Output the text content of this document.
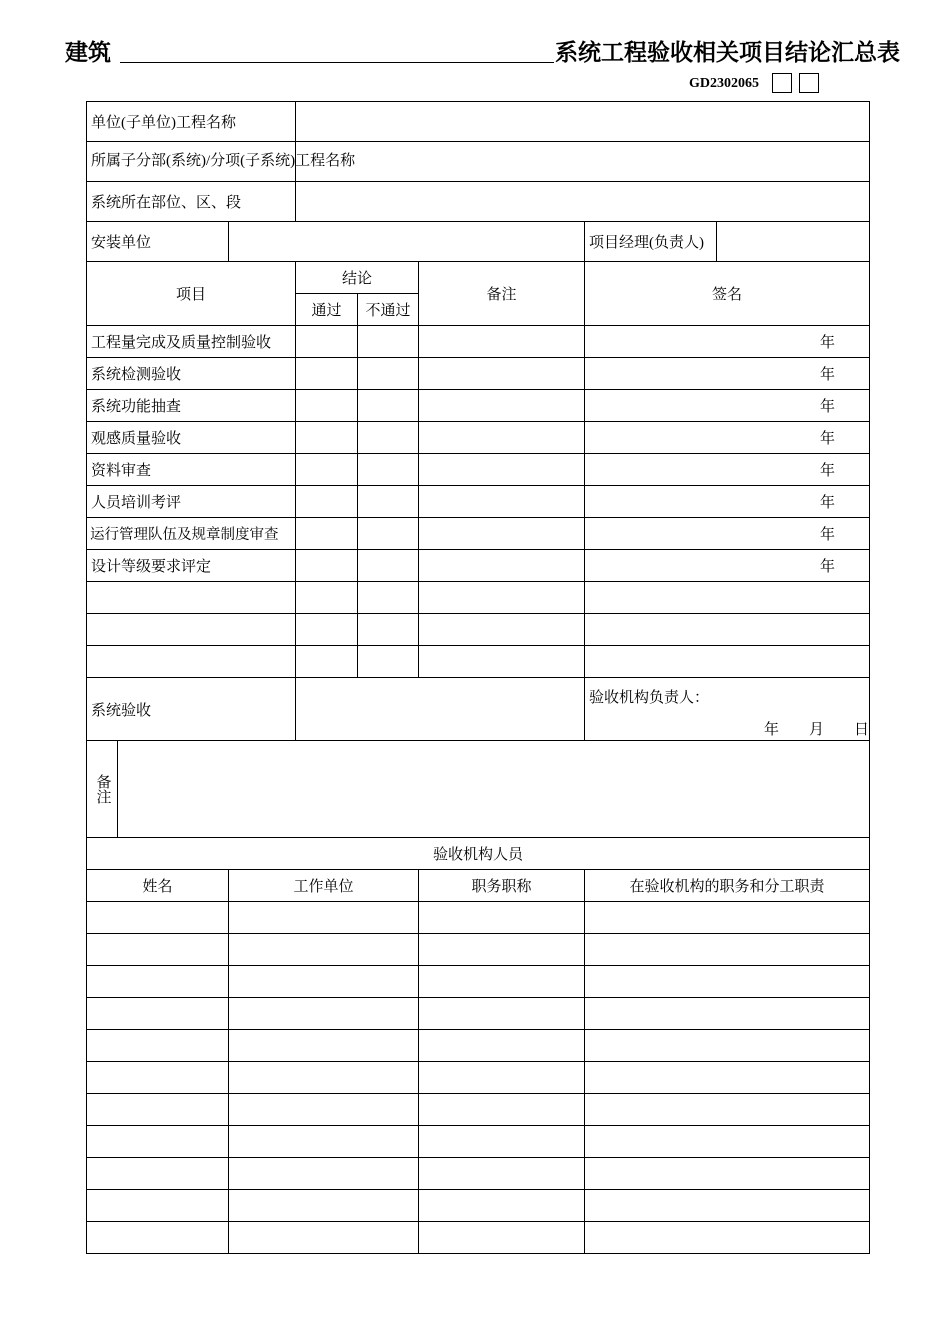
建筑	系统工程验收相关项目结论汇总表
GD2302065
单位(子单位)工程名称						
所属子分部(系统)/分项(子系统)工程名称						
系统所在部位、区、段						
安装单位					项目经理(负责人)	
项目		结论		备注	签名	
		通过	不通过			
工程量完成及质量控制验收					年	

系统检测验收					年	

系统功能抽查					年	

观感质量验收					年	

资料审查					年	

人员培训考评					年	

运行管理队伍及规章制度审查					年	

设计等级要求评定					年	

系统验收					验收机构负责人：
年　　月　　日	

备注						

验收机构人员						
姓名	工作单位			职务职称	在验收机构的职务和分工职责	
